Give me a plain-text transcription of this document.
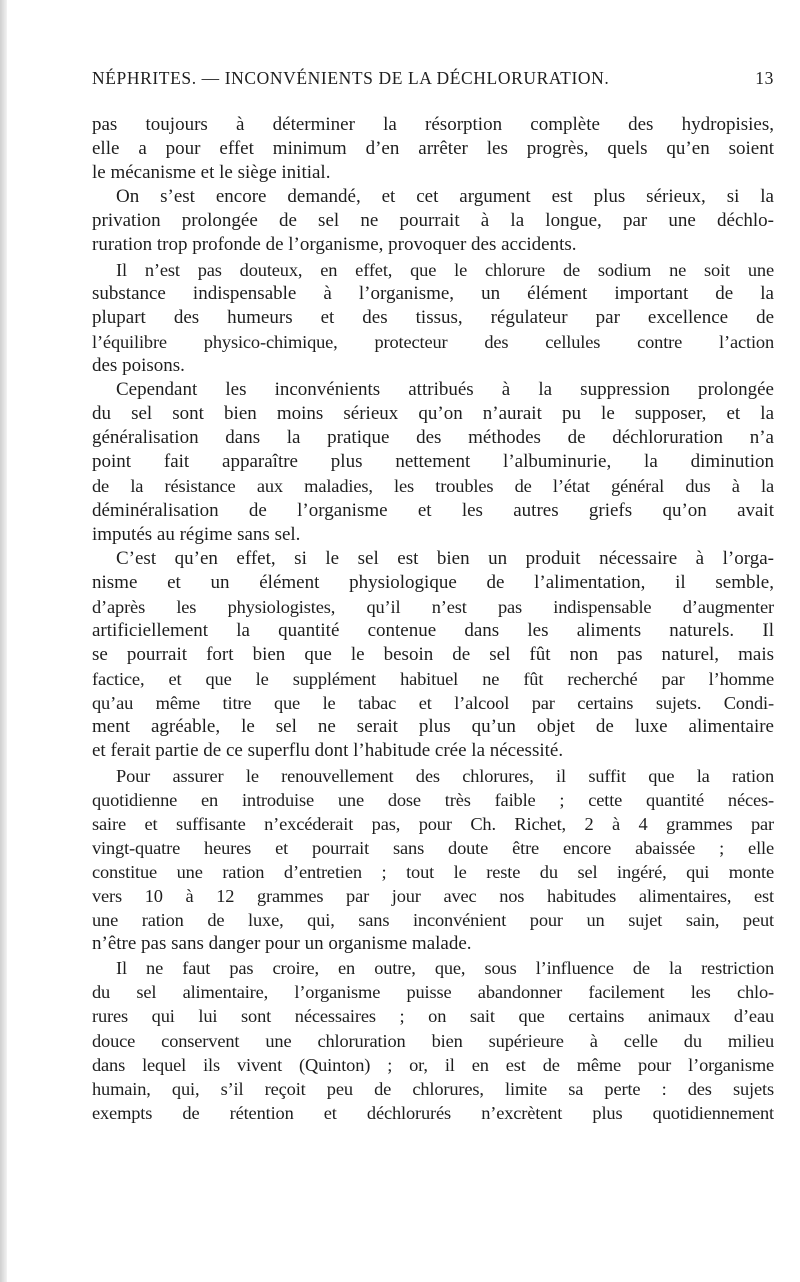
NÉPHRITES. — INCONVÉNIENTS DE LA DÉCHLORURATION.	13
pas toujours à déterminer la résorption complète des hydropisies,
elle a pour effet minimum d’en arrêter les progrès, quels qu’en soient
le mécanisme et le siège initial.
On s’est encore demandé, et cet argument est plus sérieux, si la
privation prolongée de sel ne pourrait à la longue, par une déchlo-
ruration trop profonde de l’organisme, provoquer des accidents.
Il n’est pas douteux, en effet, que le chlorure de sodium ne soit une
substance indispensable à l’organisme, un élément important de la
plupart des humeurs et des tissus, régulateur par excellence de
l’équilibre physico-chimique, protecteur des cellules contre l’action
des poisons.
Cependant les inconvénients attribués à la suppression prolongée
du sel sont bien moins sérieux qu’on n’aurait pu le supposer, et la
généralisation dans la pratique des méthodes de déchloruration n’a
point fait apparaître plus nettement l’albuminurie, la diminution
de la résistance aux maladies, les troubles de l’état général dus à la
déminéralisation de l’organisme et les autres griefs qu’on avait
imputés au régime sans sel.
C’est qu’en effet, si le sel est bien un produit nécessaire à l’orga-
nisme et un élément physiologique de l’alimentation, il semble,
d’après les physiologistes, qu’il n’est pas indispensable d’augmenter
artificiellement la quantité contenue dans les aliments naturels. Il
se pourrait fort bien que le besoin de sel fût non pas naturel, mais
factice, et que le supplément habituel ne fût recherché par l’homme
qu’au même titre que le tabac et l’alcool par certains sujets. Condi-
ment agréable, le sel ne serait plus qu’un objet de luxe alimentaire
et ferait partie de ce superflu dont l’habitude crée la nécessité.
Pour assurer le renouvellement des chlorures, il suffit que la ration
quotidienne en introduise une dose très faible ; cette quantité néces-
saire et suffisante n’excéderait pas, pour Ch. Richet, 2 à 4 grammes par
vingt-quatre heures et pourrait sans doute être encore abaissée ; elle
constitue une ration d’entretien ; tout le reste du sel ingéré, qui monte
vers 10 à 12 grammes par jour avec nos habitudes alimentaires, est
une ration de luxe, qui, sans inconvénient pour un sujet sain, peut
n’être pas sans danger pour un organisme malade.
Il ne faut pas croire, en outre, que, sous l’influence de la restriction
du sel alimentaire, l’organisme puisse abandonner facilement les chlo-
rures qui lui sont nécessaires ; on sait que certains animaux d’eau
douce conservent une chloruration bien supérieure à celle du milieu
dans lequel ils vivent (Quinton) ; or, il en est de même pour l’organisme
humain, qui, s’il reçoit peu de chlorures, limite sa perte : des sujets
exempts de rétention et déchlorurés n’excrètent plus quotidiennement
